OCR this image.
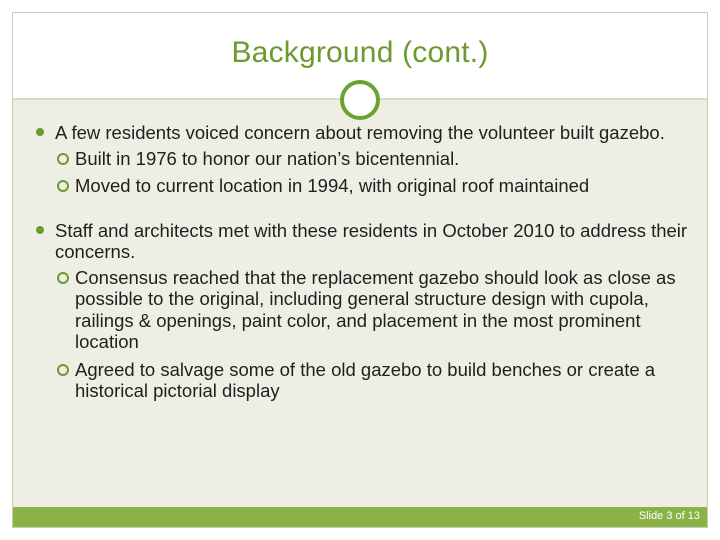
Background (cont.)
A few residents voiced concern about removing the volunteer built gazebo.
Built in 1976 to honor our nation’s bicentennial.
Moved to current location in 1994, with original roof maintained
Staff and architects met with these residents in October 2010 to address their concerns.
Consensus reached that the replacement gazebo should look as close as possible to the original, including general structure design with cupola, railings & openings, paint color, and placement in the most prominent location
Agreed to salvage some of the old gazebo to build benches or create a historical pictorial display
Slide 3 of 13
